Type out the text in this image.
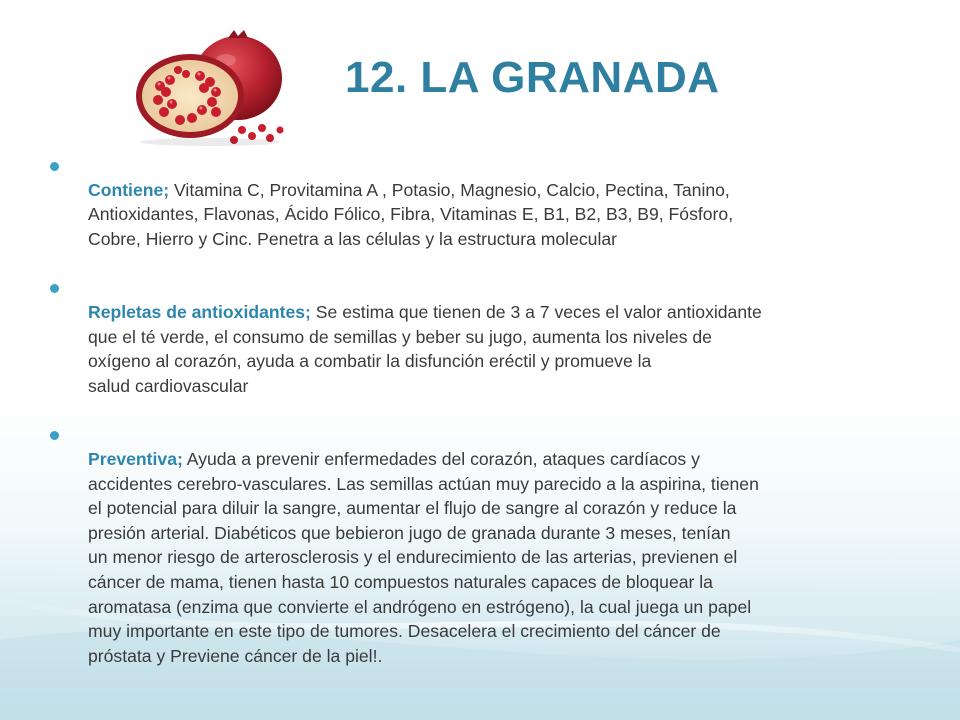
12. LA GRANADA

Contiene; Vitamina C, Provitamina A , Potasio, Magnesio, Calcio, Pectina, Tanino,
Antioxidantes, Flavonas, Ácido Fólico, Fibra, Vitaminas E, B1, B2, B3, B9, Fósforo,
Cobre, Hierro y Cinc. Penetra a las células y la estructura molecular

Repletas de antioxidantes; Se estima que tienen de 3 a 7 veces el valor antioxidante
que el té verde, el consumo de semillas y beber su jugo, aumenta los niveles de
oxígeno al corazón, ayuda a combatir la disfunción eréctil y promueve la
salud cardiovascular

Preventiva; Ayuda a prevenir enfermedades del corazón, ataques cardíacos y
accidentes cerebro-vasculares. Las semillas actúan muy parecido a la aspirina, tienen
el potencial para diluir la sangre, aumentar el flujo de sangre al corazón y reduce la
presión arterial. Diabéticos que bebieron jugo de granada durante 3 meses, tenían
un menor riesgo de arterosclerosis y el endurecimiento de las arterias, previenen el
cáncer de mama, tienen hasta 10 compuestos naturales capaces de bloquear la
aromatasa (enzima que convierte el andrógeno en estrógeno), la cual juega un papel
muy importante en este tipo de tumores. Desacelera el crecimiento del cáncer de
próstata y Previene cáncer de la piel!.
